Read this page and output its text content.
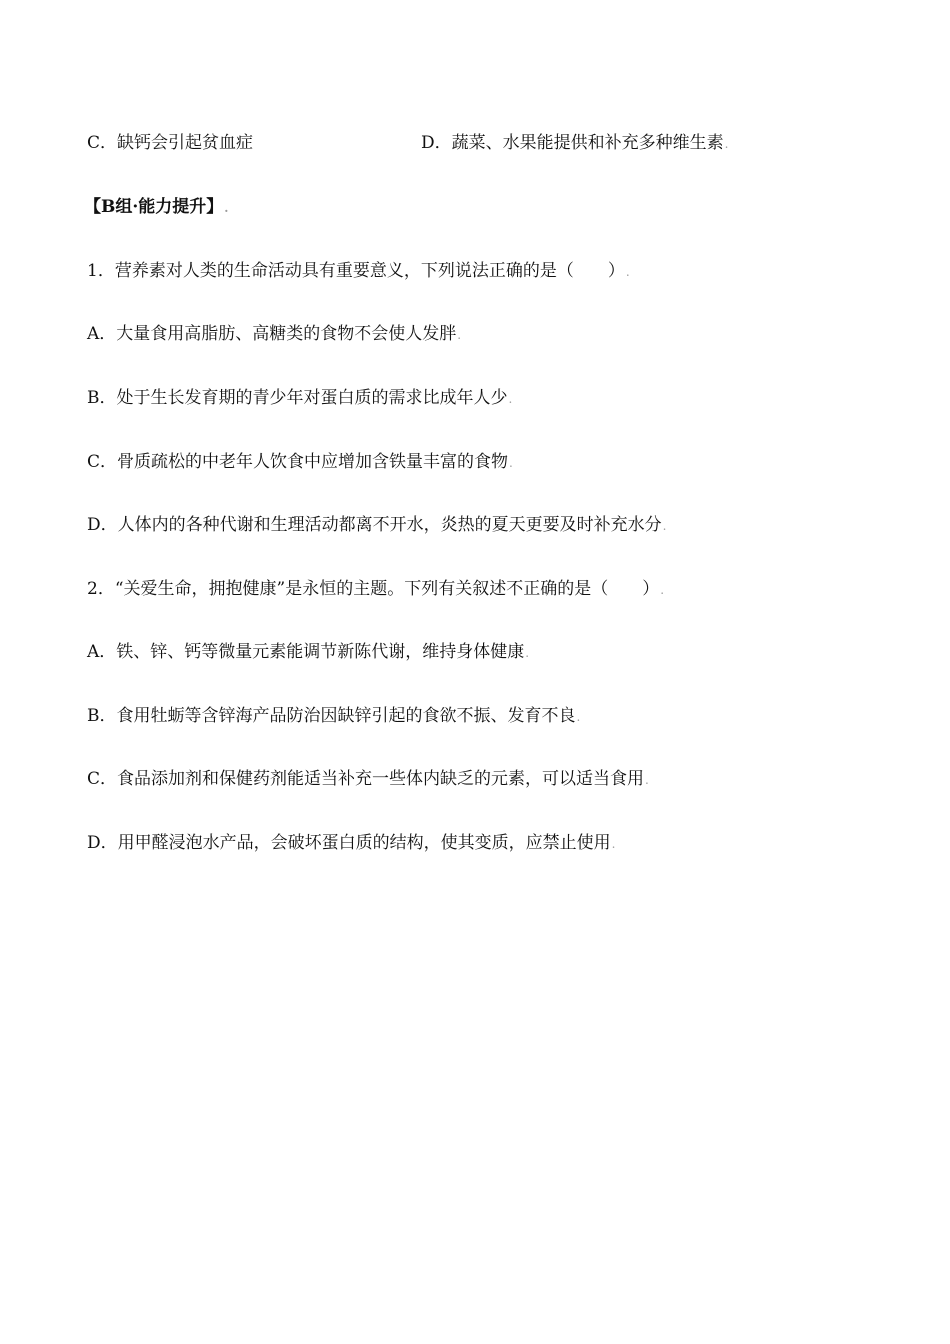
C．缺钙会引起贫血症	D．蔬菜、水果能提供和补充多种维生素.
【B组·能力提升】.
1．营养素对人类的生命活动具有重要意义，下列说法正确的是（　　）.
A．大量食用高脂肪、高糖类的食物不会使人发胖.
B．处于生长发育期的青少年对蛋白质的需求比成年人少.
C．骨质疏松的中老年人饮食中应增加含铁量丰富的食物.
D．人体内的各种代谢和生理活动都离不开水，炎热的夏天更要及时补充水分.
2．“关爱生命，拥抱健康”是永恒的主题。下列有关叙述不正确的是（　　）.
A．铁、锌、钙等微量元素能调节新陈代谢，维持身体健康.
B．食用牡蛎等含锌海产品防治因缺锌引起的食欲不振、发育不良.
C．食品添加剂和保健药剂能适当补充一些体内缺乏的元素，可以适当食用.
D．用甲醛浸泡水产品，会破坏蛋白质的结构，使其变质，应禁止使用.
